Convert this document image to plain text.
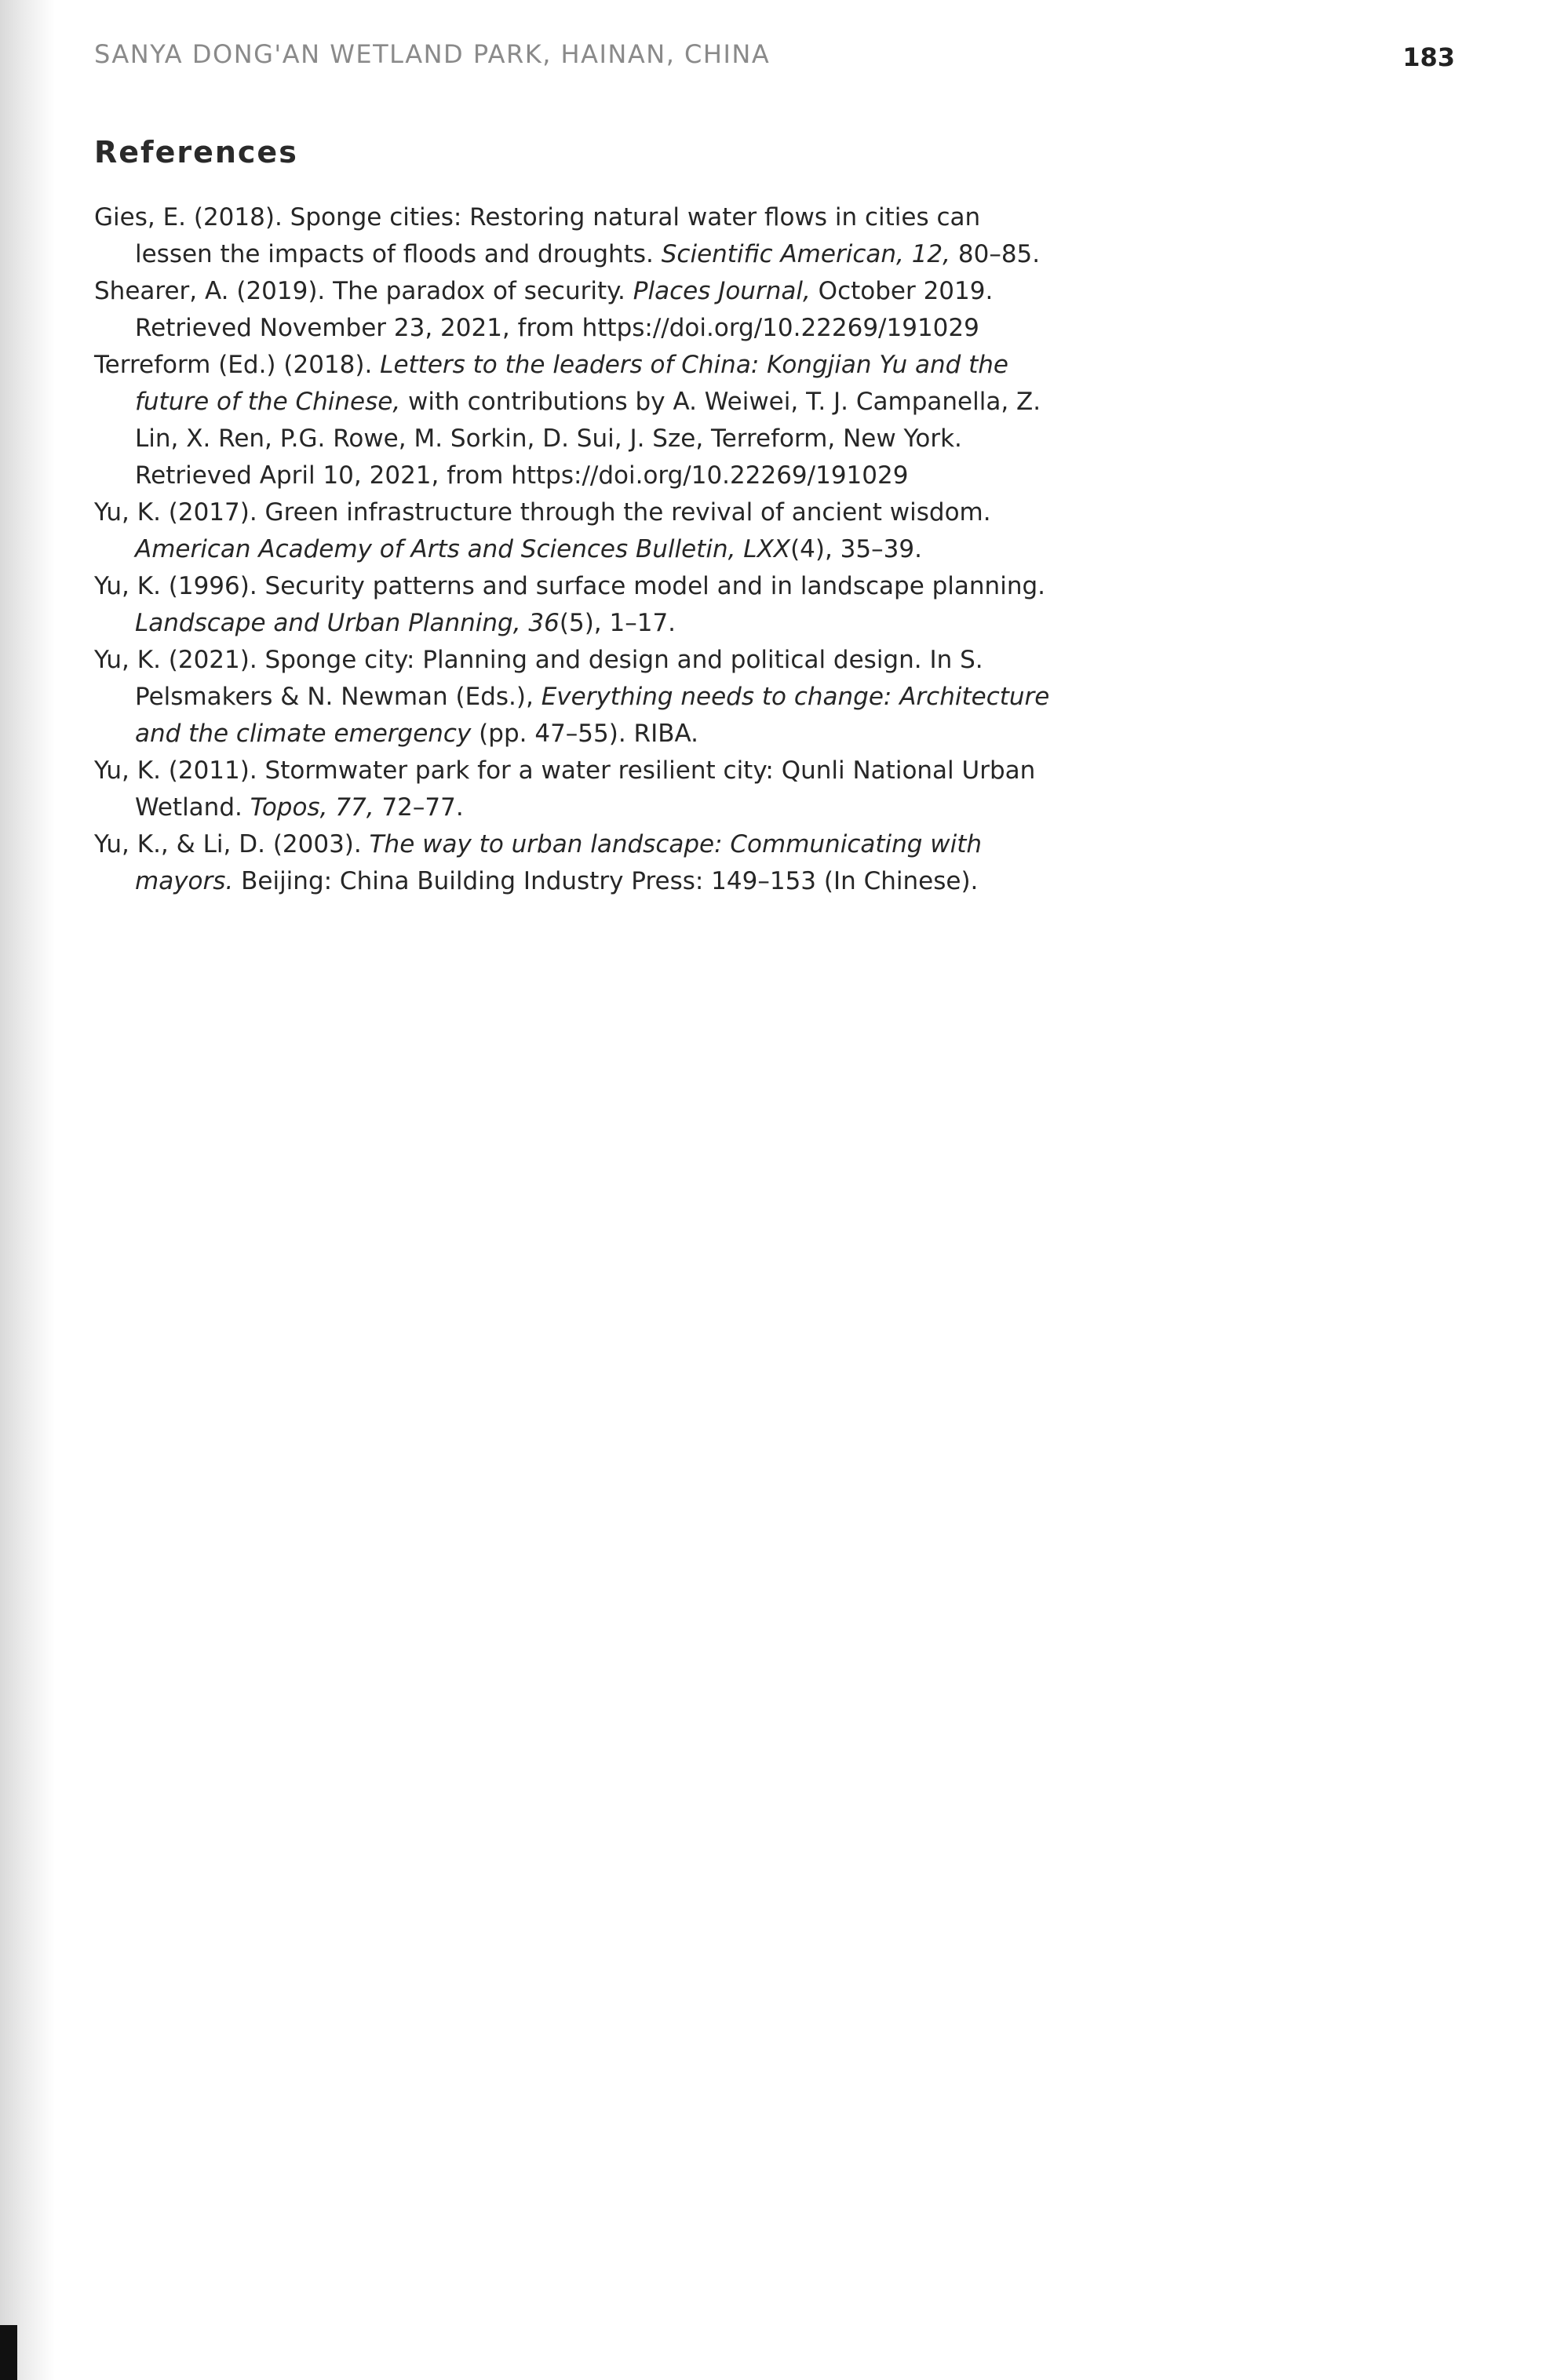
SANYA DONG'AN WETLAND PARK, HAINAN, CHINA	183
References
Gies, E. (2018). Sponge cities: Restoring natural water flows in cities can lessen the impacts of floods and droughts. Scientific American, 12, 80–85.
Shearer, A. (2019). The paradox of security. Places Journal, October 2019. Retrieved November 23, 2021, from https://doi.org/10.22269/191029
Terreform (Ed.) (2018). Letters to the leaders of China: Kongjian Yu and the future of the Chinese, with contributions by A. Weiwei, T. J. Campanella, Z. Lin, X. Ren, P.G. Rowe, M. Sorkin, D. Sui, J. Sze, Terreform, New York. Retrieved April 10, 2021, from https://doi.org/10.22269/191029
Yu, K. (2017). Green infrastructure through the revival of ancient wisdom. American Academy of Arts and Sciences Bulletin, LXX(4), 35–39.
Yu, K. (1996). Security patterns and surface model and in landscape planning. Landscape and Urban Planning, 36(5), 1–17.
Yu, K. (2021). Sponge city: Planning and design and political design. In S. Pelsmakers & N. Newman (Eds.), Everything needs to change: Architecture and the climate emergency (pp. 47–55). RIBA.
Yu, K. (2011). Stormwater park for a water resilient city: Qunli National Urban Wetland. Topos, 77, 72–77.
Yu, K., & Li, D. (2003). The way to urban landscape: Communicating with mayors. Beijing: China Building Industry Press: 149–153 (In Chinese).
